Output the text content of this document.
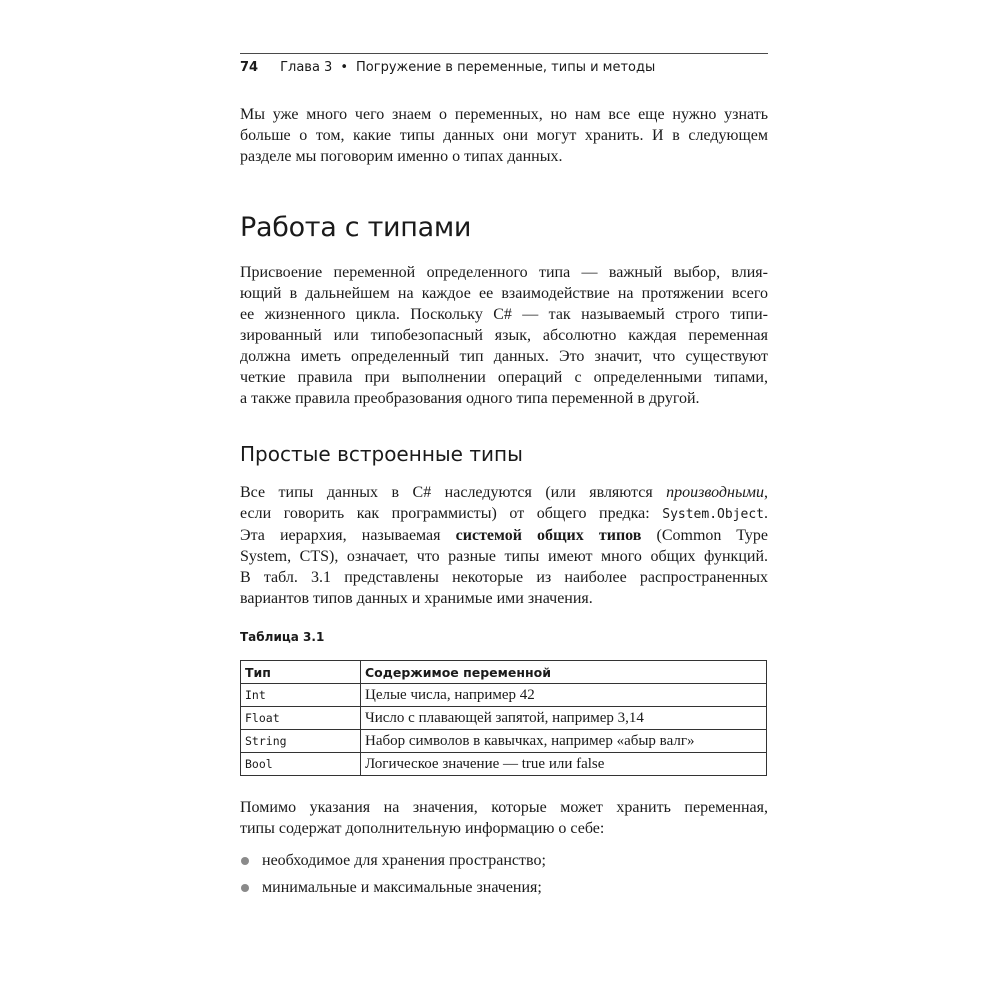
74 Глава 3 • Погружение в переменные, типы и методы
Мы уже много чего знаем о переменных, но нам все еще нужно узнать
больше о том, какие типы данных они могут хранить. И в следующем
разделе мы поговорим именно о типах данных.
Работа с типами
Присвоение переменной определенного типа — важный выбор, влия-
ющий в дальнейшем на каждое ее взаимодействие на протяжении всего
ее жизненного цикла. Поскольку C# — так называемый строго типи-
зированный или типобезопасный язык, абсолютно каждая переменная
должна иметь определенный тип данных. Это значит, что существуют
четкие правила при выполнении операций с определенными типами,
а также правила преобразования одного типа переменной в другой.
Простые встроенные типы
Все типы данных в C# наследуются (или являются производными,
если говорить как программисты) от общего предка: System.Object.
Эта иерархия, называемая системой общих типов (Common Type
System, CTS), означает, что разные типы имеют много общих функций.
В табл. 3.1 представлены некоторые из наиболее распространенных
вариантов типов данных и хранимые ими значения.
Таблица 3.1
Тип	Содержимое переменной
Int	Целые числа, например 42
Float	Число с плавающей запятой, например 3,14
String	Набор символов в кавычках, например «абыр валг»
Bool	Логическое значение — true или false
Помимо указания на значения, которые может хранить переменная,
типы содержат дополнительную информацию о себе:
необходимое для хранения пространство;
минимальные и максимальные значения;
